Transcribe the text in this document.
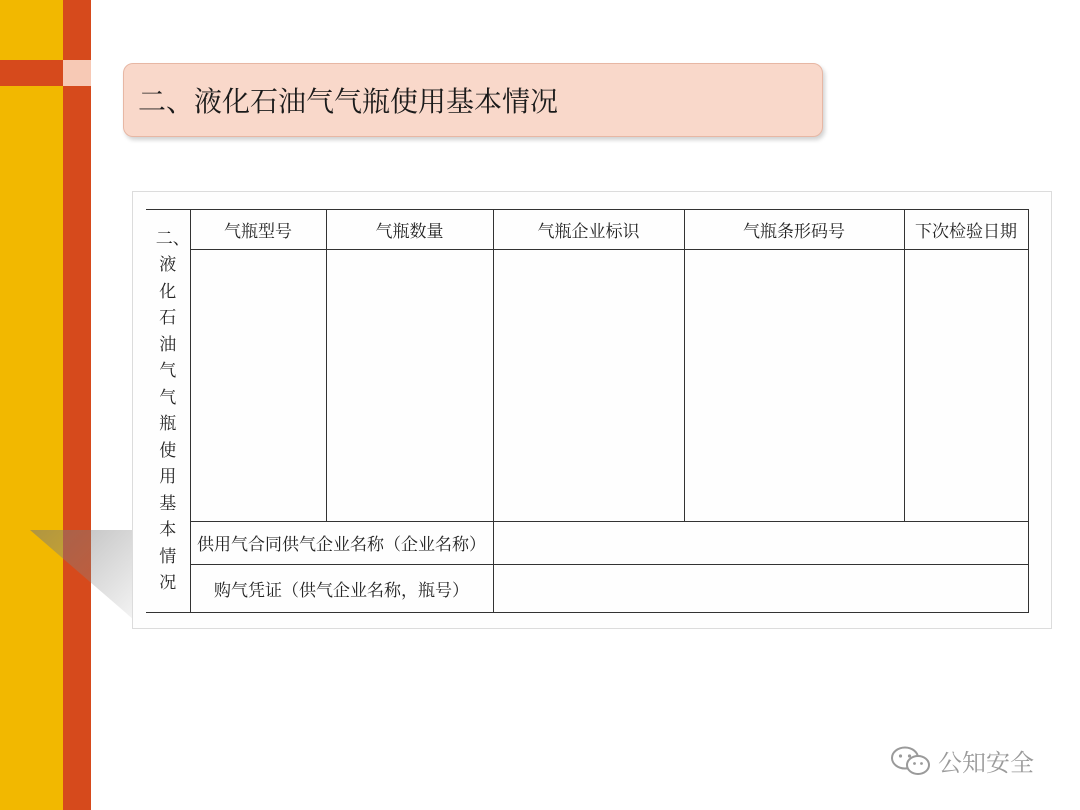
二、液化石油气气瓶使用基本情况
二、液化石油气气瓶使用基本情况	气瓶型号	气瓶数量	气瓶企业标识	气瓶条形码号	下次检验日期

	供用气合同供气企业名称（企业名称）				
	购气凭证（供气企业名称，瓶号）				
公知安全
